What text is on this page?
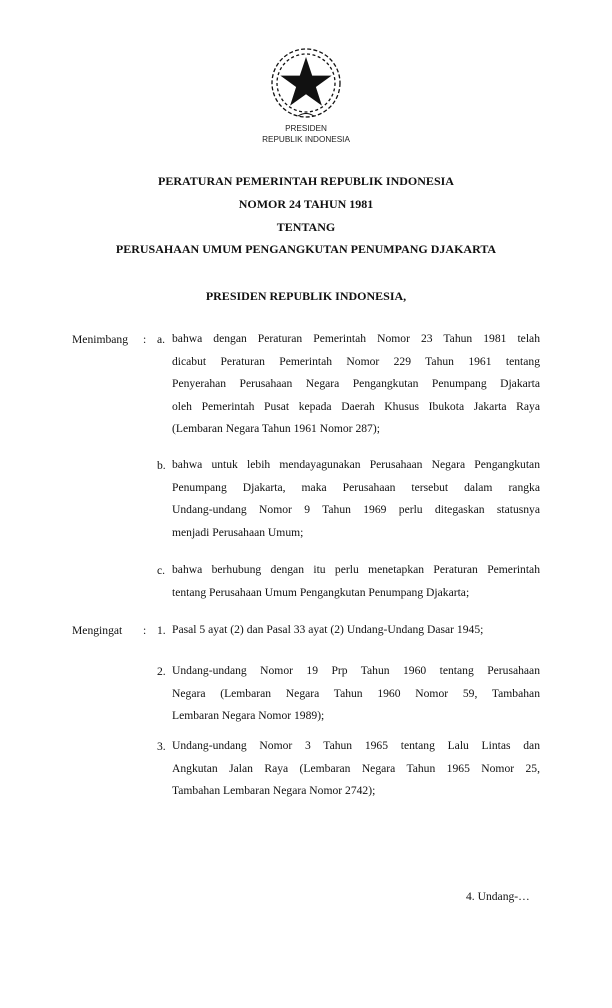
PRESIDEN
REPUBLIK INDONESIA
PERATURAN PEMERINTAH REPUBLIK INDONESIA
NOMOR 24 TAHUN 1981
TENTANG
PERUSAHAAN UMUM PENGANGKUTAN PENUMPANG DJAKARTA
PRESIDEN REPUBLIK INDONESIA,
Menimbang : a. bahwa dengan Peraturan Pemerintah Nomor 23 Tahun 1981 telah
dicabut Peraturan Pemerintah Nomor 229 Tahun 1961 tentang
Penyerahan Perusahaan Negara Pengangkutan Penumpang Djakarta
oleh Pemerintah Pusat kepada Daerah Khusus Ibukota Jakarta Raya
(Lembaran Negara Tahun 1961 Nomor 287);
b. bahwa untuk lebih mendayagunakan Perusahaan Negara Pengangkutan
Penumpang Djakarta, maka Perusahaan tersebut dalam rangka
Undang-undang Nomor 9 Tahun 1969 perlu ditegaskan statusnya
menjadi Perusahaan Umum;
c. bahwa berhubung dengan itu perlu menetapkan Peraturan Pemerintah
tentang Perusahaan Umum Pengangkutan Penumpang Djakarta;
Mengingat : 1. Pasal 5 ayat (2) dan Pasal 33 ayat (2) Undang-Undang Dasar 1945;
2. Undang-undang Nomor 19 Prp Tahun 1960 tentang Perusahaan
Negara (Lembaran Negara Tahun 1960 Nomor 59, Tambahan
Lembaran Negara Nomor 1989);
3. Undang-undang Nomor 3 Tahun 1965 tentang Lalu Lintas dan
Angkutan Jalan Raya (Lembaran Negara Tahun 1965 Nomor 25,
Tambahan Lembaran Negara Nomor 2742);
4. Undang-…
